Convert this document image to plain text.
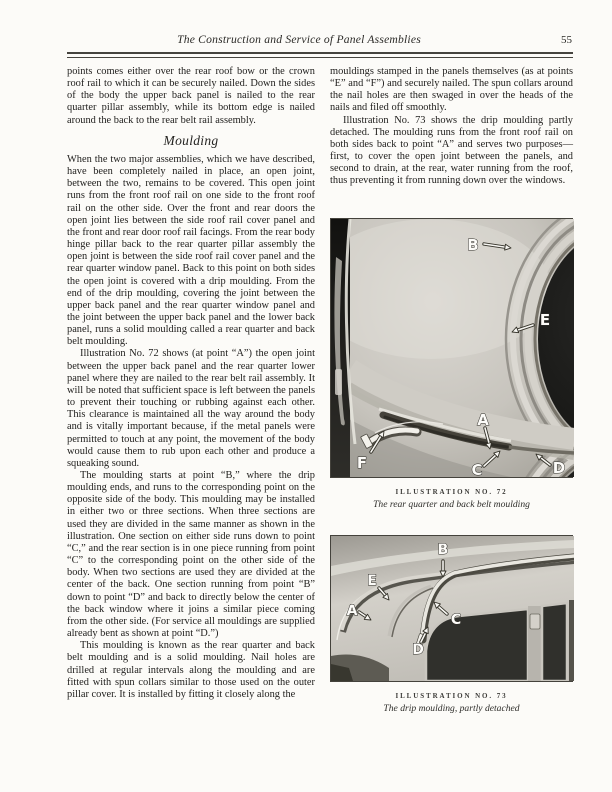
The Construction and Service of Panel Assemblies	55

points comes either over the rear roof bow or the crown roof rail to which it can be securely nailed. Down the sides of the body the upper back panel is nailed to the rear quarter pillar assembly, while its bottom edge is nailed around the back to the rear belt rail assembly.

Moulding

When the two major assemblies, which we have described, have been completely nailed in place, an open joint, between the two, remains to be covered. This open joint runs from the front roof rail on one side to the front roof rail on the other side. Over the front and rear doors the open joint lies between the side roof rail cover panel and the front and rear door roof rail facings. From the rear body hinge pillar back to the rear quarter pillar assembly the open joint is between the side roof rail cover panel and the rear quarter window panel. Back to this point on both sides the open joint is covered with a drip moulding. From the end of the drip moulding, covering the joint between the upper back panel and the rear quarter window panel and the joint between the upper back panel and the lower back panel, runs a solid moulding called a rear quarter and back belt moulding.

Illustration No. 72 shows (at point “A”) the open joint between the upper back panel and the rear quarter lower panel where they are nailed to the rear belt rail assembly. It will be noted that sufficient space is left between the panels to prevent their touching or rubbing against each other. This clearance is maintained all the way around the body and is vitally important because, if the metal panels were permitted to touch at any point, the movement of the body would cause them to rub upon each other and produce a squeaking sound.

The moulding starts at point “B,” where the drip moulding ends, and runs to the corresponding point on the opposite side of the body. This moulding may be installed in either two or three sections. When three sections are used they are divided in the same manner as shown in the illustration. One section on either side runs down to point “C,” and the rear section is in one piece running from point “C” to the corresponding point on the other side of the body. When two sections are used they are divided at the center of the back. One section running from point “B” down to point “D” and back to directly below the center of the back window where it joins a similar piece coming from the other side. (For service all mouldings are supplied already bent as shown at point “D.”)

This moulding is known as the rear quarter and back belt moulding and is a solid moulding. Nail holes are drilled at regular intervals along the moulding and are fitted with spun collars similar to those used on the outer pillar cover. It is installed by fitting it closely along the

mouldings stamped in the panels themselves (as at points “E” and “F”) and securely nailed. The spun collars around the nail holes are then swaged in over the heads of the nails and filed off smoothly.

Illustration No. 73 shows the drip moulding partly detached. The moulding runs from the front roof rail on both sides back to point “A” and serves two purposes—first, to cover the open joint between the panels, and second to drain, at the rear, water running from the roof, thus preventing it from running down over the windows.

B
E
A
F	C	D
ILLUSTRATION NO. 72
The rear quarter and back belt moulding
B
E
A
C
D
ILLUSTRATION NO. 73
The drip moulding, partly detached
